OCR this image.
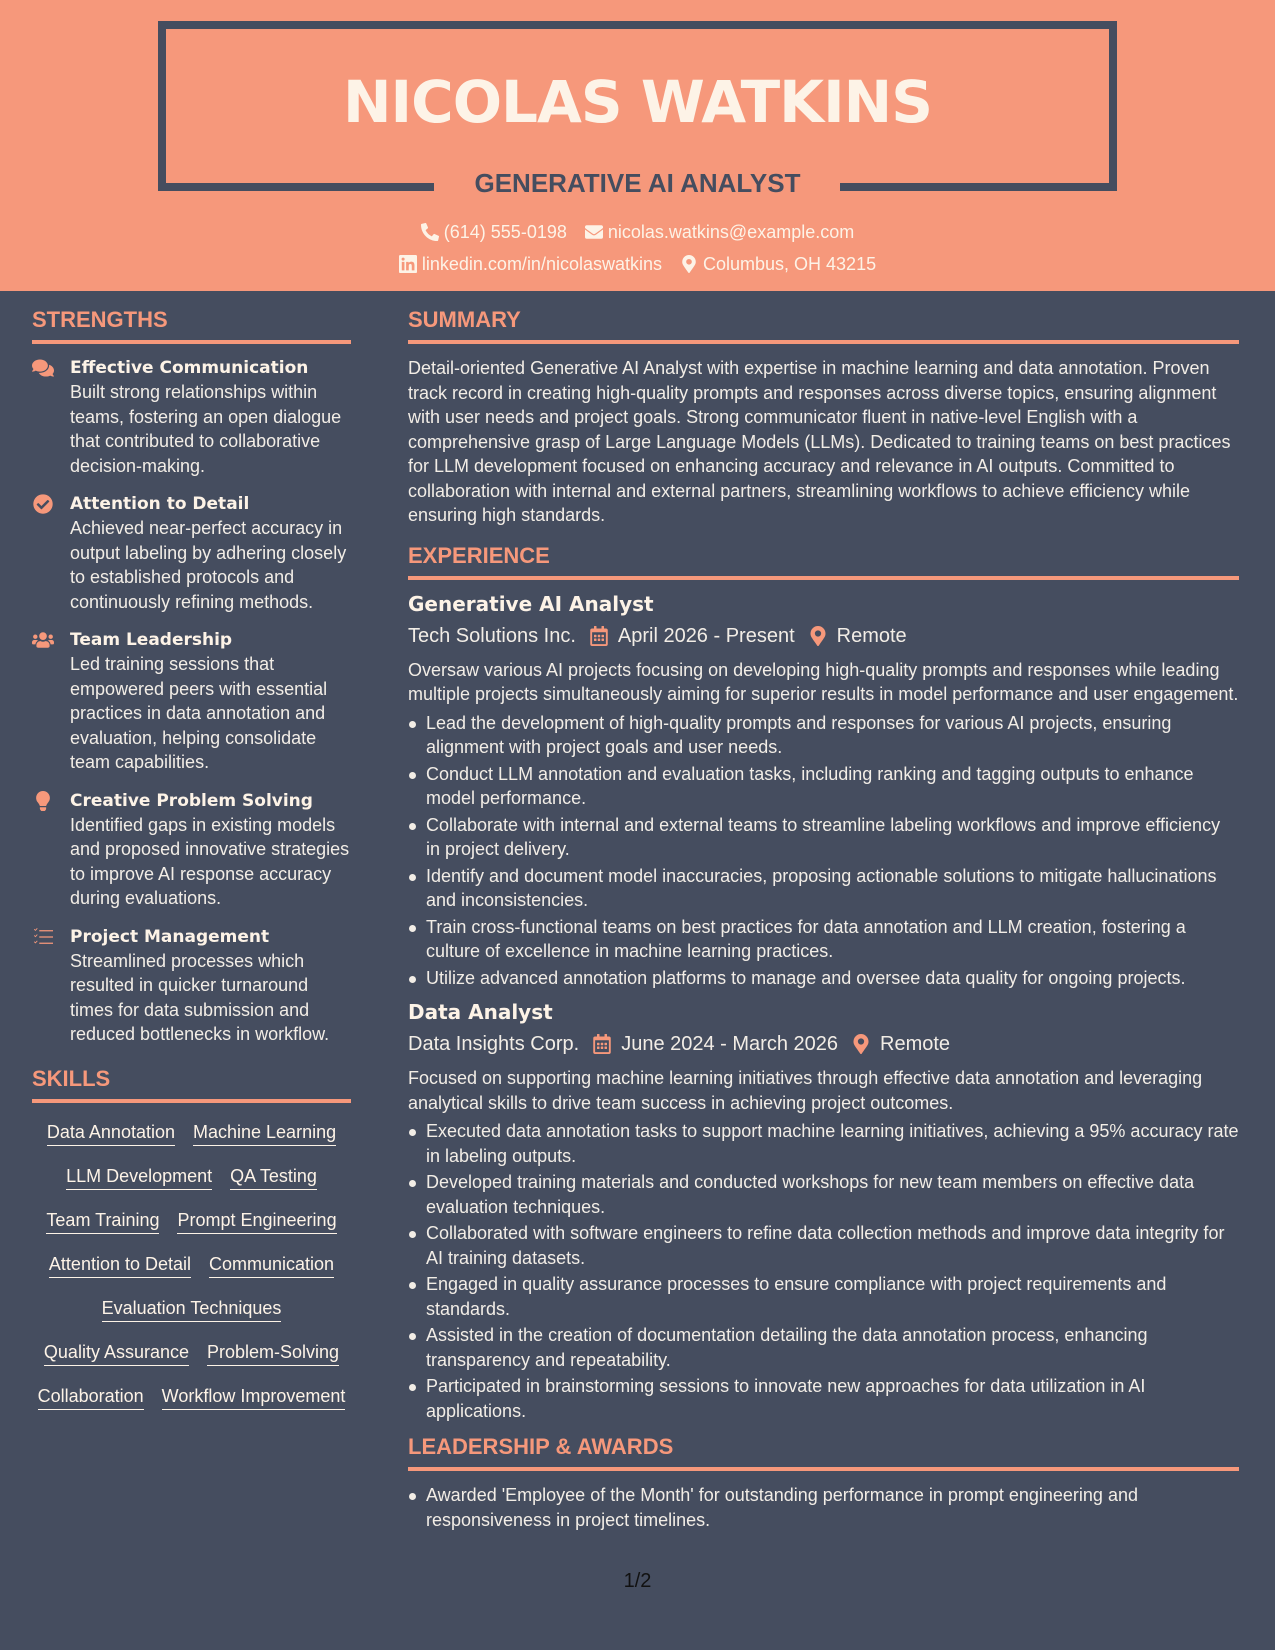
NICOLAS WATKINS
GENERATIVE AI ANALYST
(614) 555-0198 nicolas.watkins@example.com
linkedin.com/in/nicolaswatkins Columbus, OH 43215
STRENGTHS
Effective Communication
Built strong relationships within teams, fostering an open dialogue that contributed to collaborative decision-making.
Attention to Detail
Achieved near-perfect accuracy in output labeling by adhering closely to established protocols and continuously refining methods.
Team Leadership
Led training sessions that empowered peers with essential practices in data annotation and evaluation, helping consolidate team capabilities.
Creative Problem Solving
Identified gaps in existing models and proposed innovative strategies to improve AI response accuracy during evaluations.
Project Management
Streamlined processes which resulted in quicker turnaround times for data submission and reduced bottlenecks in workflow.
SKILLS
Data Annotation Machine Learning
LLM Development QA Testing
Team Training Prompt Engineering
Attention to Detail Communication
Evaluation Techniques
Quality Assurance Problem-Solving
Collaboration Workflow Improvement
SUMMARY
Detail-oriented Generative AI Analyst with expertise in machine learning and data annotation. Proven track record in creating high-quality prompts and responses across diverse topics, ensuring alignment with user needs and project goals. Strong communicator fluent in native-level English with a comprehensive grasp of Large Language Models (LLMs). Dedicated to training teams on best practices for LLM development focused on enhancing accuracy and relevance in AI outputs. Committed to collaboration with internal and external partners, streamlining workflows to achieve efficiency while ensuring high standards.
EXPERIENCE
Generative AI Analyst
Tech Solutions Inc. April 2026 - Present Remote
Oversaw various AI projects focusing on developing high-quality prompts and responses while leading multiple projects simultaneously aiming for superior results in model performance and user engagement.
Lead the development of high-quality prompts and responses for various AI projects, ensuring alignment with project goals and user needs.
Conduct LLM annotation and evaluation tasks, including ranking and tagging outputs to enhance model performance.
Collaborate with internal and external teams to streamline labeling workflows and improve efficiency in project delivery.
Identify and document model inaccuracies, proposing actionable solutions to mitigate hallucinations and inconsistencies.
Train cross-functional teams on best practices for data annotation and LLM creation, fostering a culture of excellence in machine learning practices.
Utilize advanced annotation platforms to manage and oversee data quality for ongoing projects.
Data Analyst
Data Insights Corp. June 2024 - March 2026 Remote
Focused on supporting machine learning initiatives through effective data annotation and leveraging analytical skills to drive team success in achieving project outcomes.
Executed data annotation tasks to support machine learning initiatives, achieving a 95% accuracy rate in labeling outputs.
Developed training materials and conducted workshops for new team members on effective data evaluation techniques.
Collaborated with software engineers to refine data collection methods and improve data integrity for AI training datasets.
Engaged in quality assurance processes to ensure compliance with project requirements and standards.
Assisted in the creation of documentation detailing the data annotation process, enhancing transparency and repeatability.
Participated in brainstorming sessions to innovate new approaches for data utilization in AI applications.
LEADERSHIP & AWARDS
Awarded 'Employee of the Month' for outstanding performance in prompt engineering and responsiveness in project timelines.
1/2
